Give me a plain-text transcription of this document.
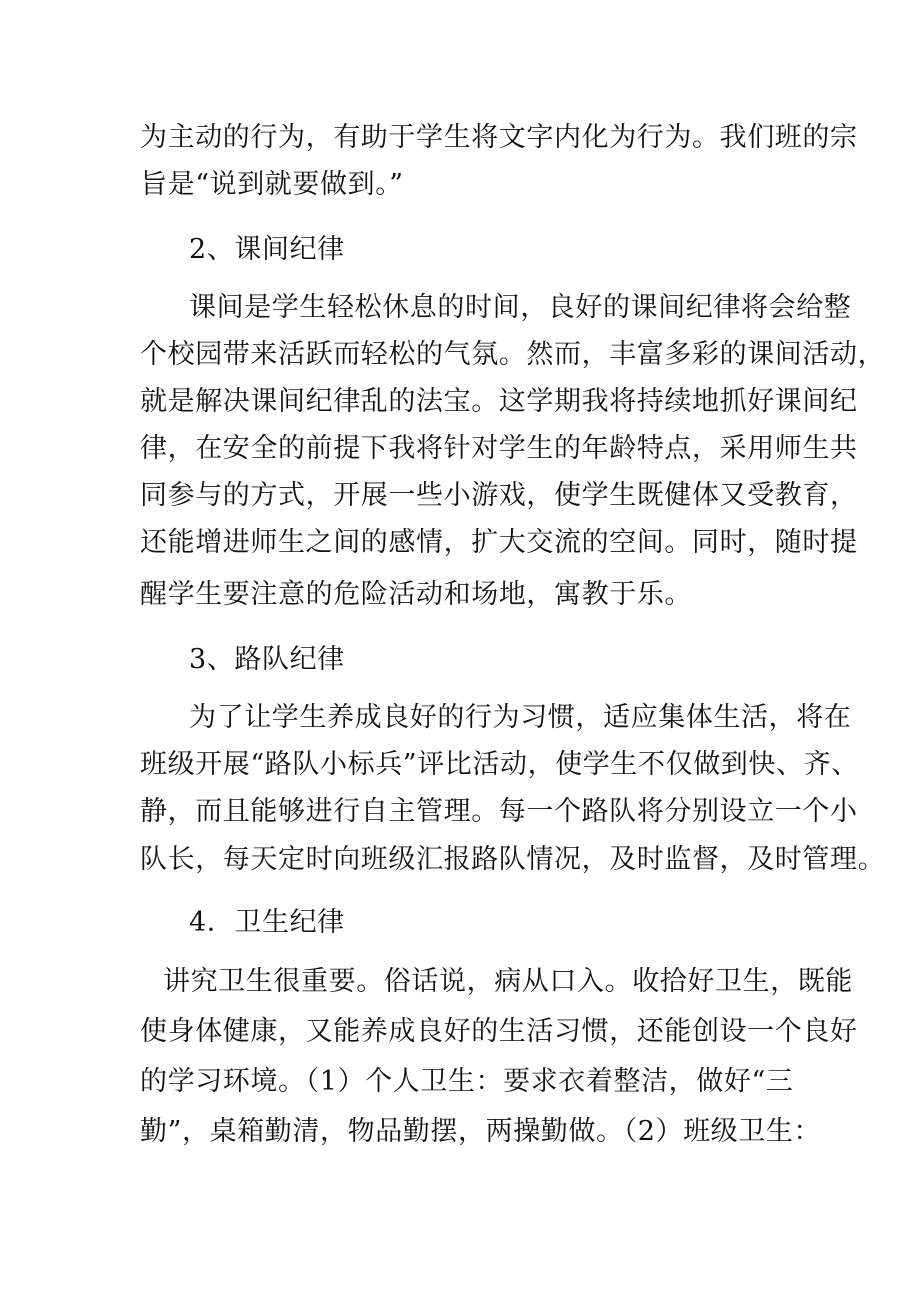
为主动的行为，有助于学生将文字内化为行为。我们班的宗
旨是“说到就要做到。”
2、课间纪律
课间是学生轻松休息的时间，良好的课间纪律将会给整
个校园带来活跃而轻松的气氛。然而，丰富多彩的课间活动，
就是解决课间纪律乱的法宝。这学期我将持续地抓好课间纪
律，在安全的前提下我将针对学生的年龄特点，采用师生共
同参与的方式，开展一些小游戏，使学生既健体又受教育，
还能增进师生之间的感情，扩大交流的空间。同时，随时提
醒学生要注意的危险活动和场地，寓教于乐。
3、路队纪律
为了让学生养成良好的行为习惯，适应集体生活，将在
班级开展“路队小标兵”评比活动，使学生不仅做到快、齐、
静，而且能够进行自主管理。每一个路队将分别设立一个小
队长，每天定时向班级汇报路队情况，及时监督，及时管理。
4．卫生纪律
讲究卫生很重要。俗话说，病从口入。收拾好卫生，既能
使身体健康，又能养成良好的生活习惯，还能创设一个良好
的学习环境。（1）个人卫生：要求衣着整洁，做好“三
勤”，桌箱勤清，物品勤摆，两操勤做。（2）班级卫生：
